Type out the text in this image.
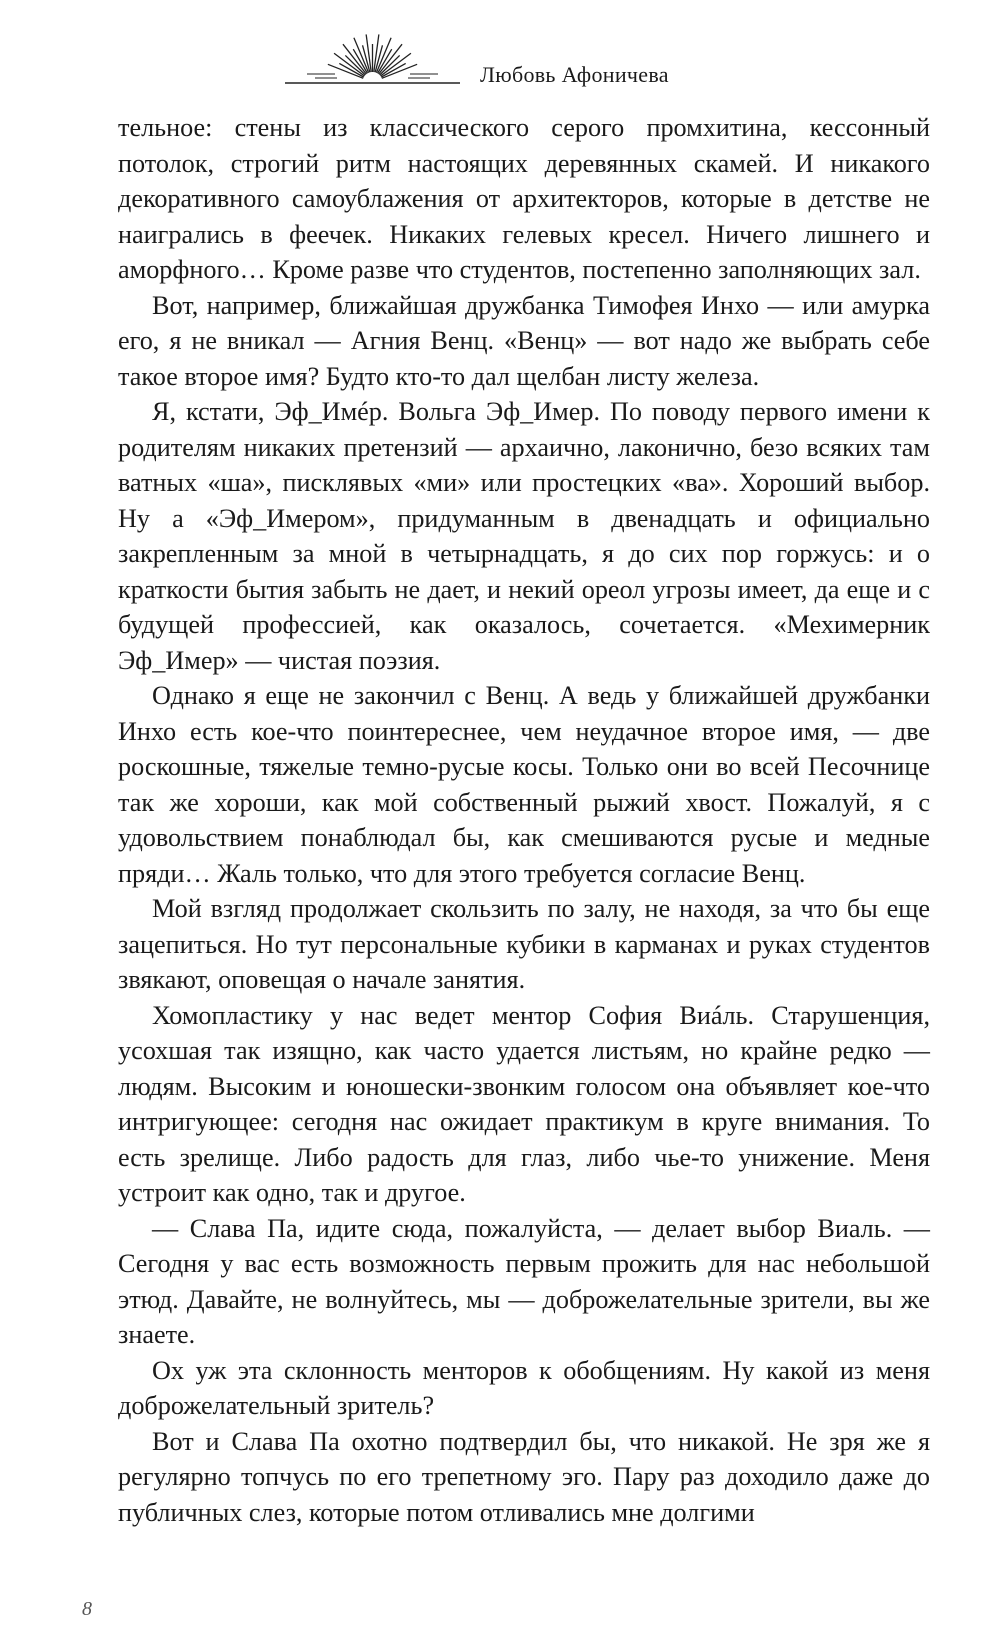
Любовь Афоничева

тельное: стены из классического серого промхитина, кессонный потолок, строгий ритм настоящих деревянных скамей. И никакого декоративного самоублажения от архитекторов, которые в детстве не наигрались в феечек. Никаких гелевых кресел. Ничего лишнего и аморфного… Кроме разве что студентов, постепенно заполняющих зал.

Вот, например, ближайшая дружбанка Тимофея Инхо — или амурка его, я не вникал — Агния Венц. «Венц» — вот надо же выбрать себе такое второе имя? Будто кто-то дал щелбан листу железа.

Я, кстати, Эф_Имéр. Вольга Эф_Имер. По поводу первого имени к родителям никаких претензий — архаично, лаконично, безо всяких там ватных «ша», писклявых «ми» или простецких «ва». Хороший выбор. Ну а «Эф_Имером», придуманным в двенадцать и официально закрепленным за мной в четырнадцать, я до сих пор горжусь: и о краткости бытия забыть не дает, и некий ореол угрозы имеет, да еще и с будущей профессией, как оказалось, сочетается. «Мехимерник Эф_Имер» — чистая поэзия.

Однако я еще не закончил с Венц. А ведь у ближайшей дружбанки Инхо есть кое-что поинтереснее, чем неудачное второе имя, — две роскошные, тяжелые темно-русые косы. Только они во всей Песочнице так же хороши, как мой собственный рыжий хвост. Пожалуй, я с удовольствием понаблюдал бы, как смешиваются русые и медные пряди… Жаль только, что для этого требуется согласие Венц.

Мой взгляд продолжает скользить по залу, не находя, за что бы еще зацепиться. Но тут персональные кубики в карманах и руках студентов звякают, оповещая о начале занятия.

Хомопластику у нас ведет ментор София Виáль. Старушенция, усохшая так изящно, как часто удается листьям, но крайне редко — людям. Высоким и юношески-звонким голосом она объявляет кое-что интригующее: сегодня нас ожидает практикум в круге внимания. То есть зрелище. Либо радость для глаз, либо чье-то унижение. Меня устроит как одно, так и другое.

— Слава Па, идите сюда, пожалуйста, — делает выбор Виаль. — Сегодня у вас есть возможность первым прожить для нас небольшой этюд. Давайте, не волнуйтесь, мы — доброжелательные зрители, вы же знаете.

Ох уж эта склонность менторов к обобщениям. Ну какой из меня доброжелательный зритель?

Вот и Слава Па охотно подтвердил бы, что никакой. Не зря же я регулярно топчусь по его трепетному эго. Пару раз доходило даже до публичных слез, которые потом отливались мне долгими

8
